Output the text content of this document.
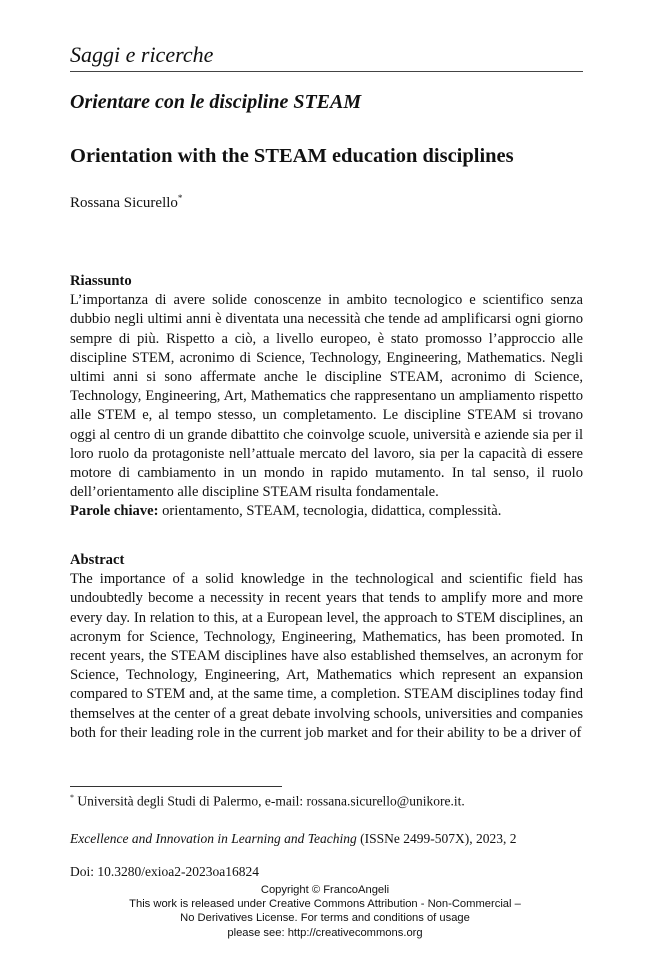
Saggi e ricerche
Orientare con le discipline STEAM
Orientation with the STEAM education disciplines
Rossana Sicurello*
Riassunto
L’importanza di avere solide conoscenze in ambito tecnologico e scientifico senza dubbio negli ultimi anni è diventata una necessità che tende ad amplificarsi ogni giorno sempre di più. Rispetto a ciò, a livello europeo, è stato promosso l’approccio alle discipline STEM, acronimo di Science, Technology, Engineering, Mathematics. Negli ultimi anni si sono affermate anche le discipline STEAM, acronimo di Science, Technology, Engineering, Art, Mathematics che rappresentano un ampliamento rispetto alle STEM e, al tempo stesso, un completamento. Le discipline STEAM si trovano oggi al centro di un grande dibattito che coinvolge scuole, università e aziende sia per il loro ruolo da protagoniste nell’attuale mercato del lavoro, sia per la capacità di essere motore di cambiamento in un mondo in rapido mutamento. In tal senso, il ruolo dell’orientamento alle discipline STEAM risulta fondamentale.
Parole chiave: orientamento, STEAM, tecnologia, didattica, complessità.
Abstract
The importance of a solid knowledge in the technological and scientific field has undoubtedly become a necessity in recent years that tends to amplify more and more every day. In relation to this, at a European level, the approach to STEM disciplines, an acronym for Science, Technology, Engineering, Mathematics, has been promoted. In recent years, the STEAM disciplines have also established themselves, an acronym for Science, Technology, Engineering, Art, Mathematics which represent an expansion compared to STEM and, at the same time, a completion. STEAM disciplines today find themselves at the center of a great debate involving schools, universities and companies both for their leading role in the current job market and for their ability to be a driver of
* Università degli Studi di Palermo, e-mail: rossana.sicurello@unikore.it.
Excellence and Innovation in Learning and Teaching (ISSNe 2499-507X), 2023, 2
Doi: 10.3280/exioa2-2023oa16824
Copyright © FrancoAngeli
This work is released under Creative Commons Attribution - Non-Commercial –
No Derivatives License. For terms and conditions of usage
please see: http://creativecommons.org
